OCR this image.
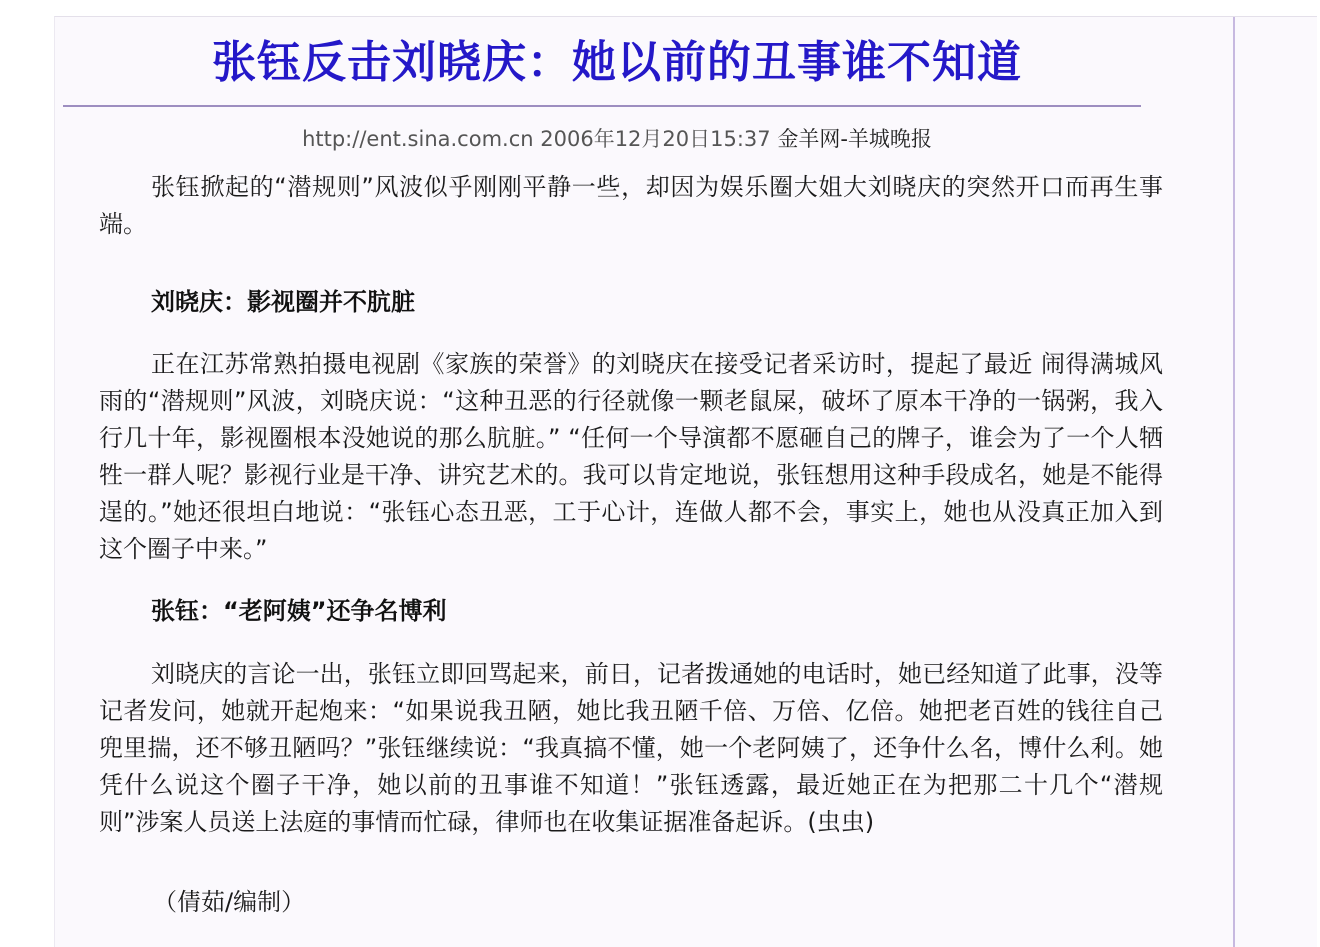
张钰反击刘晓庆：她以前的丑事谁不知道
http://ent.sina.com.cn 2006年12月20日15:37 金羊网-羊城晚报

张钰掀起的“潜规则”风波似乎刚刚平静一些，却因为娱乐圈大姐大刘晓庆的突然开口而再生事端。

刘晓庆：影视圈并不肮脏

正在江苏常熟拍摄电视剧《家族的荣誉》的刘晓庆在接受记者采访时，提起了最近 闹得满城风雨的“潜规则”风波，刘晓庆说：“这种丑恶的行径就像一颗老鼠屎，破坏了原本干净的一锅粥，我入行几十年，影视圈根本没她说的那么肮脏。” “任何一个导演都不愿砸自己的牌子，谁会为了一个人牺牲一群人呢？影视行业是干净、讲究艺术的。我可以肯定地说，张钰想用这种手段成名，她是不能得逞的。”她还很坦白地说：“张钰心态丑恶，工于心计，连做人都不会，事实上，她也从没真正加入到这个圈子中来。”

张钰：“老阿姨”还争名博利

刘晓庆的言论一出，张钰立即回骂起来，前日，记者拨通她的电话时，她已经知道了此事，没等记者发问，她就开起炮来：“如果说我丑陋，她比我丑陋千倍、万倍、亿倍。她把老百姓的钱往自己兜里揣，还不够丑陋吗？”张钰继续说：“我真搞不懂，她一个老阿姨了，还争什么名，博什么利。她凭什么说这个圈子干净，她以前的丑事谁不知道！”张钰透露，最近她正在为把那二十几个“潜规则”涉案人员送上法庭的事情而忙碌，律师也在收集证据准备起诉。(虫虫)

（倩茹/编制）
